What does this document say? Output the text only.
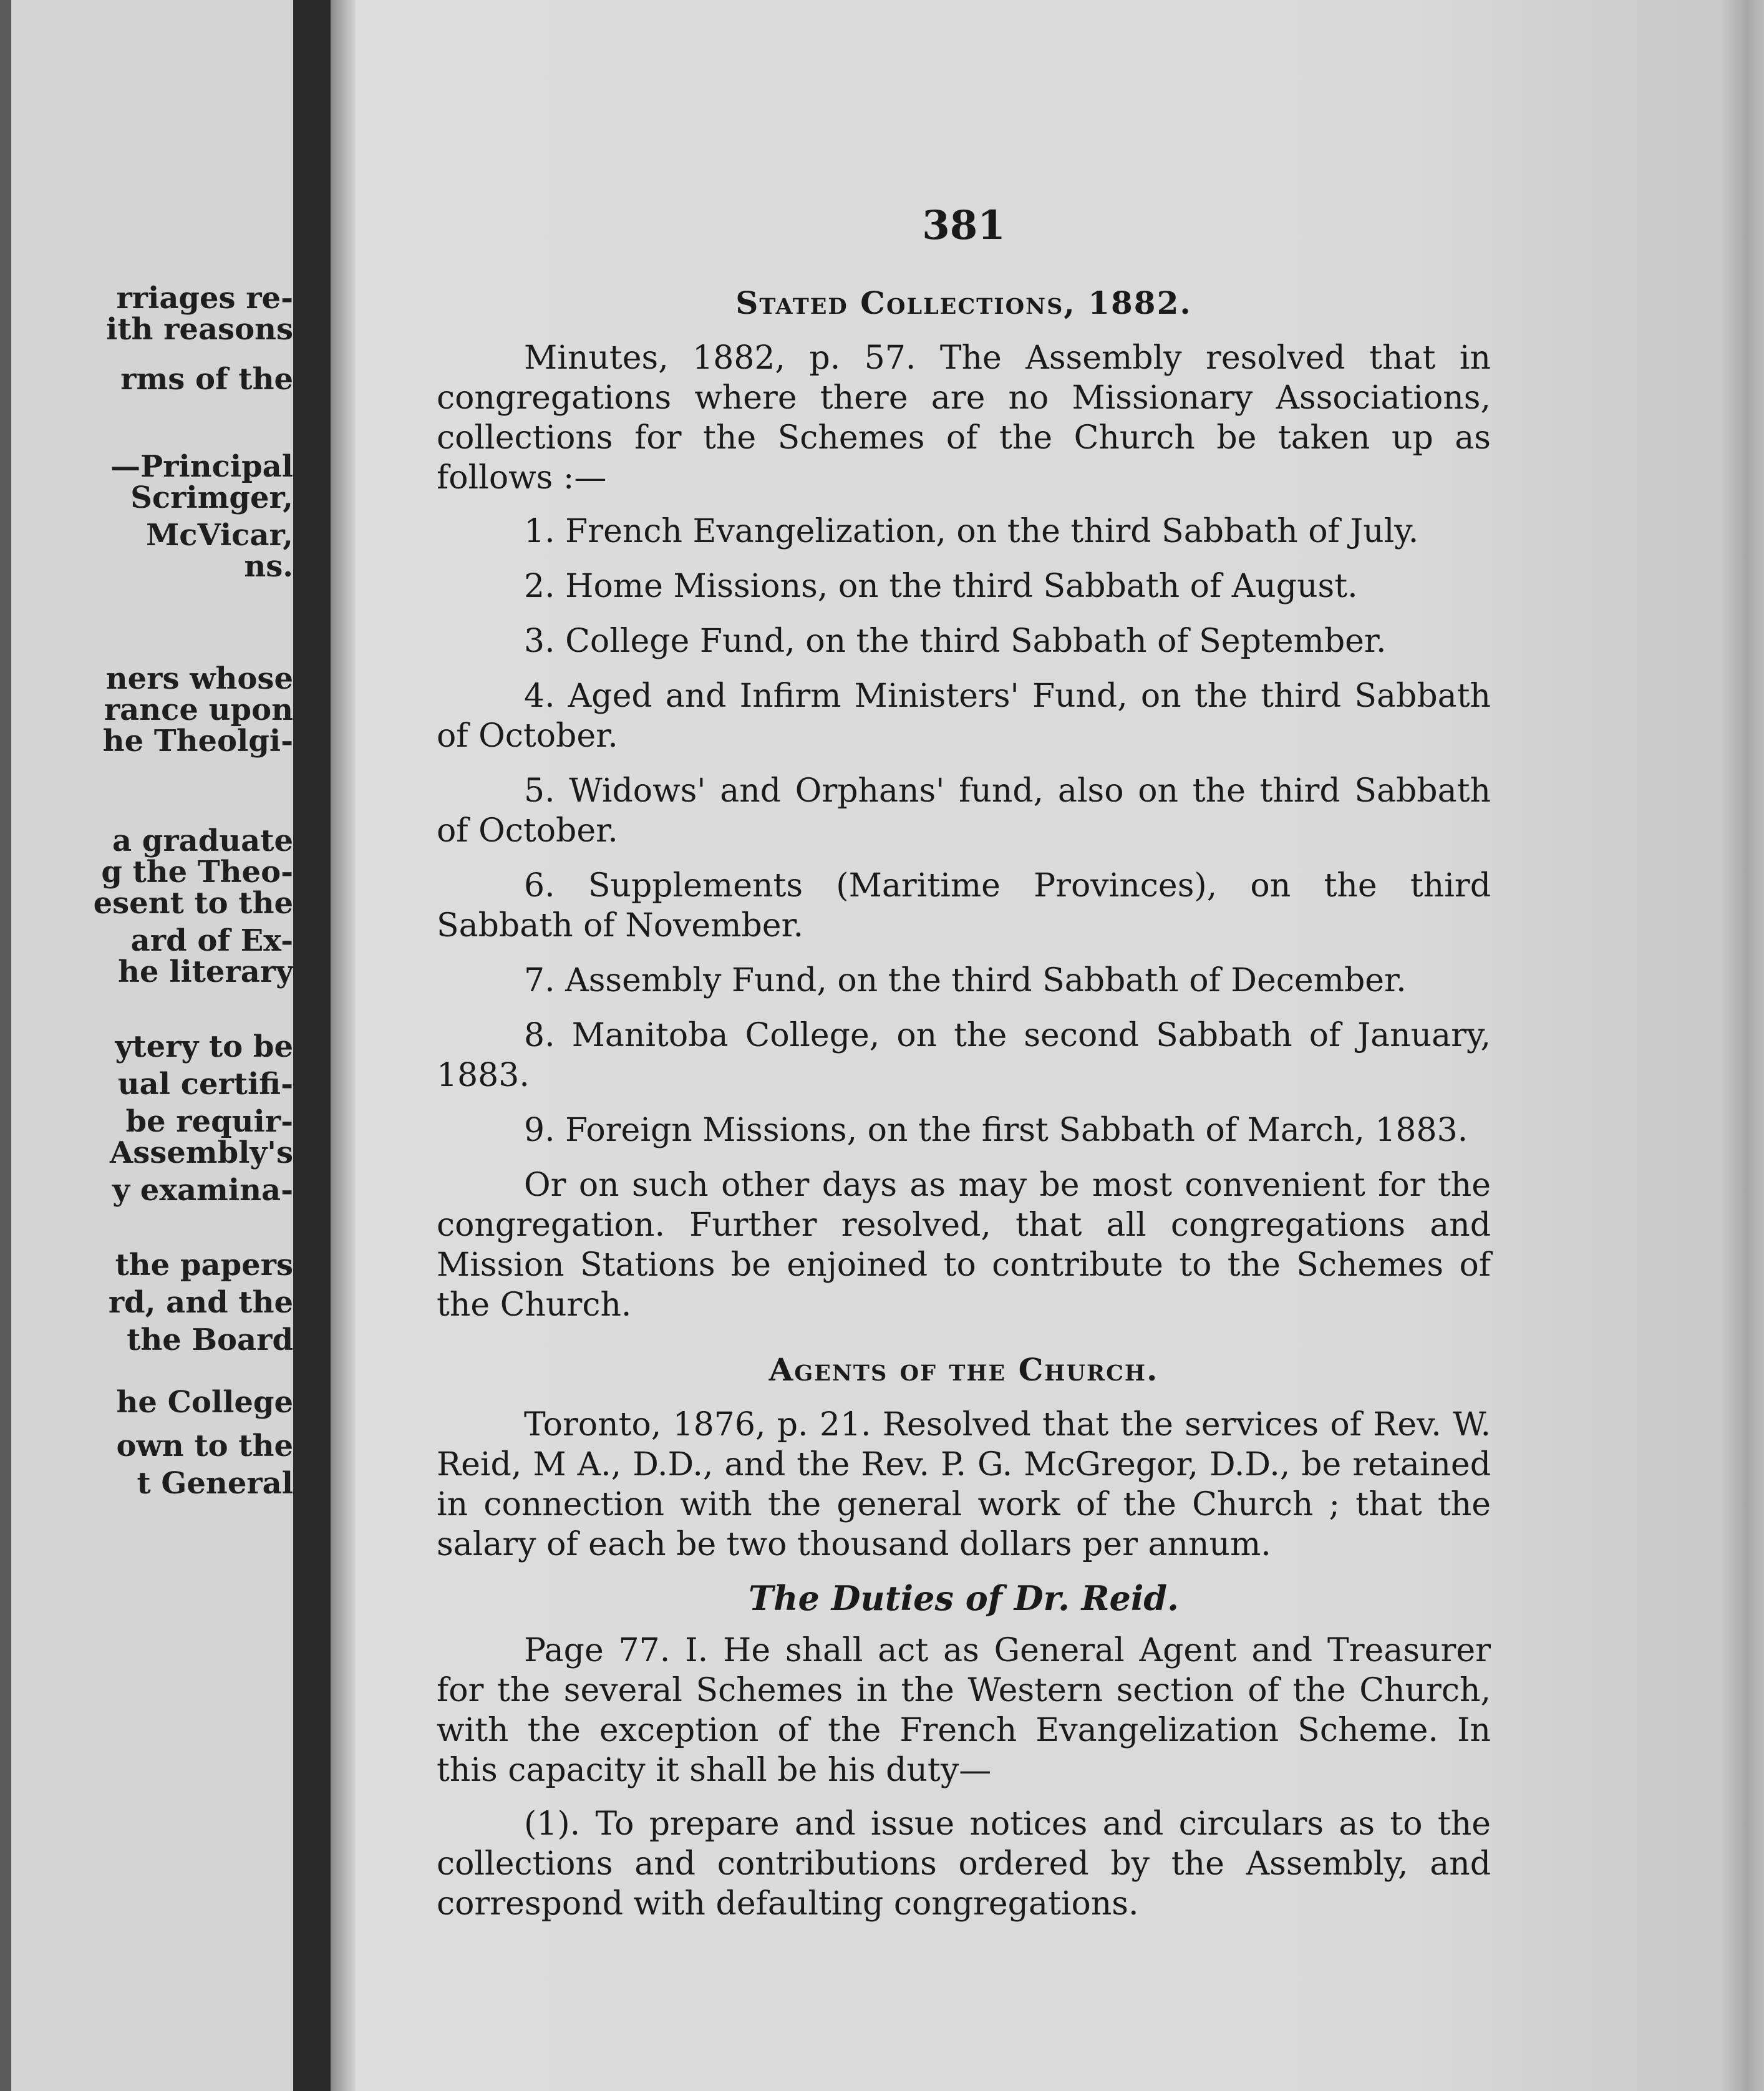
rriages re-
ith reasons
rms of the
—Principal
Scrimger,
McVicar,
ns.
ners whose
rance upon
he Theolgi-
a graduate
g the Theo-
esent to the
ard of Ex-
he literary
ytery to be
ual certifi-
be requir-
Assembly's
y examina-
the papers
rd, and the
the Board
he College
own to the
t General
381
Stated Collections, 1882.

Minutes, 1882, p. 57. The Assembly resolved that in congregations where there are no Missionary Associations, collections for the Schemes of the Church be taken up as follows :—

1. French Evangelization, on the third Sabbath of July.
2. Home Missions, on the third Sabbath of August.
3. College Fund, on the third Sabbath of September.
4. Aged and Infirm Ministers' Fund, on the third Sabbath of October.
5. Widows' and Orphans' fund, also on the third Sabbath of October.
6. Supplements (Maritime Provinces), on the third Sabbath of November.
7. Assembly Fund, on the third Sabbath of December.
8. Manitoba College, on the second Sabbath of January, 1883.
9. Foreign Missions, on the first Sabbath of March, 1883.

Or on such other days as may be most convenient for the congregation. Further resolved, that all congregations and Mission Stations be enjoined to contribute to the Schemes of the Church.

Agents of the Church.

Toronto, 1876, p. 21. Resolved that the services of Rev. W. Reid, M A., D.D., and the Rev. P. G. McGregor, D.D., be retained in connection with the general work of the Church ; that the salary of each be two thousand dollars per annum.

The Duties of Dr. Reid.

Page 77. I. He shall act as General Agent and Treasurer for the several Schemes in the Western section of the Church, with the exception of the French Evangelization Scheme. In this capacity it shall be his duty—

(1). To prepare and issue notices and circulars as to the collections and contributions ordered by the Assembly, and correspond with defaulting congregations.
